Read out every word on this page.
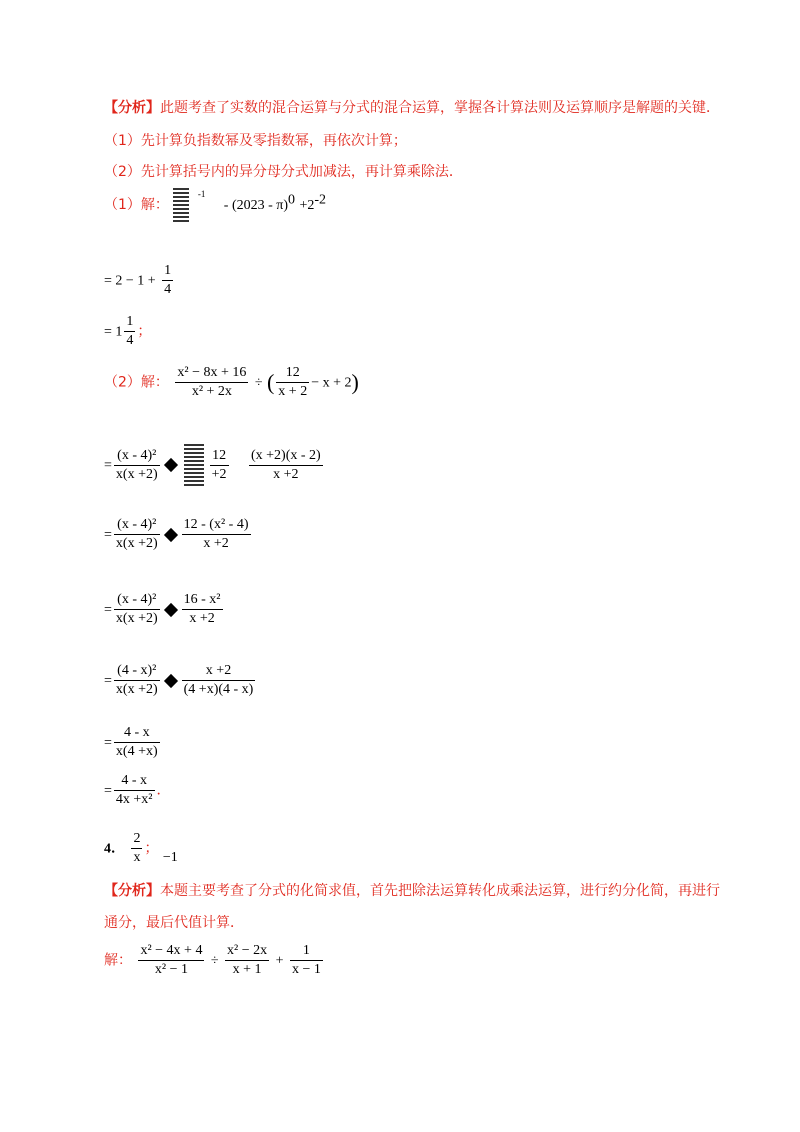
【分析】此题考查了实数的混合运算与分式的混合运算，掌握各计算法则及运算顺序是解题的关键．
（1）先计算负指数幂及零指数幂，再依次计算；
（2）先计算括号内的异分母分式加减法，再计算乘除法．
（1）解：  $^{-1} - (2023 - \pi)^0 +2^{-2}$
= $2 - 1 + \frac{1}{4}$
= $1 \frac{1}{4}$ ；
（2）解： $\frac{\text{x² − 8x + 16}}{\text{x² + 2x}}$ ÷ ( $\frac{12}{x + 2} - x + 2$)
= $\frac{\text{(x - 4)²}}{x(x +2)}$	$\frac{12}{+2}$
$\frac{(x +2)(x - 2)}{x +2}$
= $\frac{\text{(x - 4)²}}{x(x +2)} \frac{\text{12 - (x² - 4)}}{x +2}$
= $\frac{\text{(x - 4)²}}{x(x +2)} \frac{\text{16 - x²}}{x +2}$
= $\frac{\text{(4 - x)²}}{x(x +2)} \frac{x +2}{(4 +x)(4 - x)}$
= $\frac{4 - x}{x(4 +x)}$
= $\frac{4 - x}{\text{4x +x²}}$ ．
4． $\frac{2}{x}$ ； −1
【分析】本题主要考查了分式的化简求值，首先把除法运算转化成乘法运算，进行约分化简，再进行
通分，最后代值计算．
解： $\frac{\text{x² − 4x + 4}}{\text{x² − 1}} \div \frac{\text{x² − 2x}}{x + 1} + \frac{1}{x - 1}$
